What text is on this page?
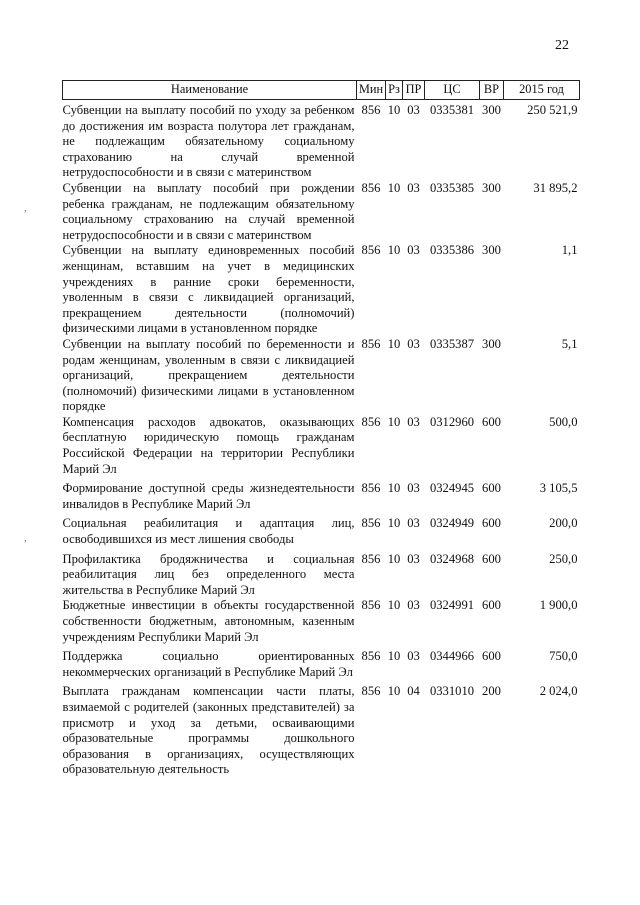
22
,
,
Наименование	Мин	Рз	ПР	ЦС	ВР	2015 год
Субвенции на выплату пособий по уходу за ребенком до достижения им возраста полутора лет гражданам, не подлежащим обязательному социальному страхованию на случай временной нетрудоспособности и в связи с материнством	856	10	03	0335381	300	250 521,9
Субвенции на выплату пособий при рождении ребенка гражданам, не подлежащим обязательному социальному страхованию на случай временной нетрудоспособности и в связи с материнством	856	10	03	0335385	300	31 895,2
Субвенции на выплату единовременных пособий женщинам, вставшим на учет в медицинских учреждениях в ранние сроки беременности, уволенным в связи с ликвидацией организаций, прекращением деятельности (полномочий) физическими лицами в установленном порядке	856	10	03	0335386	300	1,1
Субвенции на выплату пособий по беременности и родам женщинам, уволенным в связи с ликвидацией организаций, прекращением деятельности (полномочий) физическими лицами в установленном порядке	856	10	03	0335387	300	5,1
Компенсация расходов адвокатов, оказывающих бесплатную юридическую помощь гражданам Российской Федерации на территории Республики Марий Эл	856	10	03	0312960	600	500,0
Формирование доступной среды жизнедеятельности инвалидов в Республике Марий Эл	856	10	03	0324945	600	3 105,5
Социальная реабилитация и адаптация лиц, освободившихся из мест лишения свободы	856	10	03	0324949	600	200,0
Профилактика бродяжничества и социальная реабилитация лиц без определенного места жительства в Республике Марий Эл	856	10	03	0324968	600	250,0
Бюджетные инвестиции в объекты государственной собственности бюджетным, автономным, казенным учреждениям Республики Марий Эл	856	10	03	0324991	600	1 900,0
Поддержка социально ориентированных некоммерческих организаций в Республике Марий Эл	856	10	03	0344966	600	750,0
Выплата гражданам компенсации части платы, взимаемой с родителей (законных представителей) за присмотр и уход за детьми, осваивающими образовательные программы дошкольного образования в организациях, осуществляющих образовательную деятельность	856	10	04	0331010	200	2 024,0
